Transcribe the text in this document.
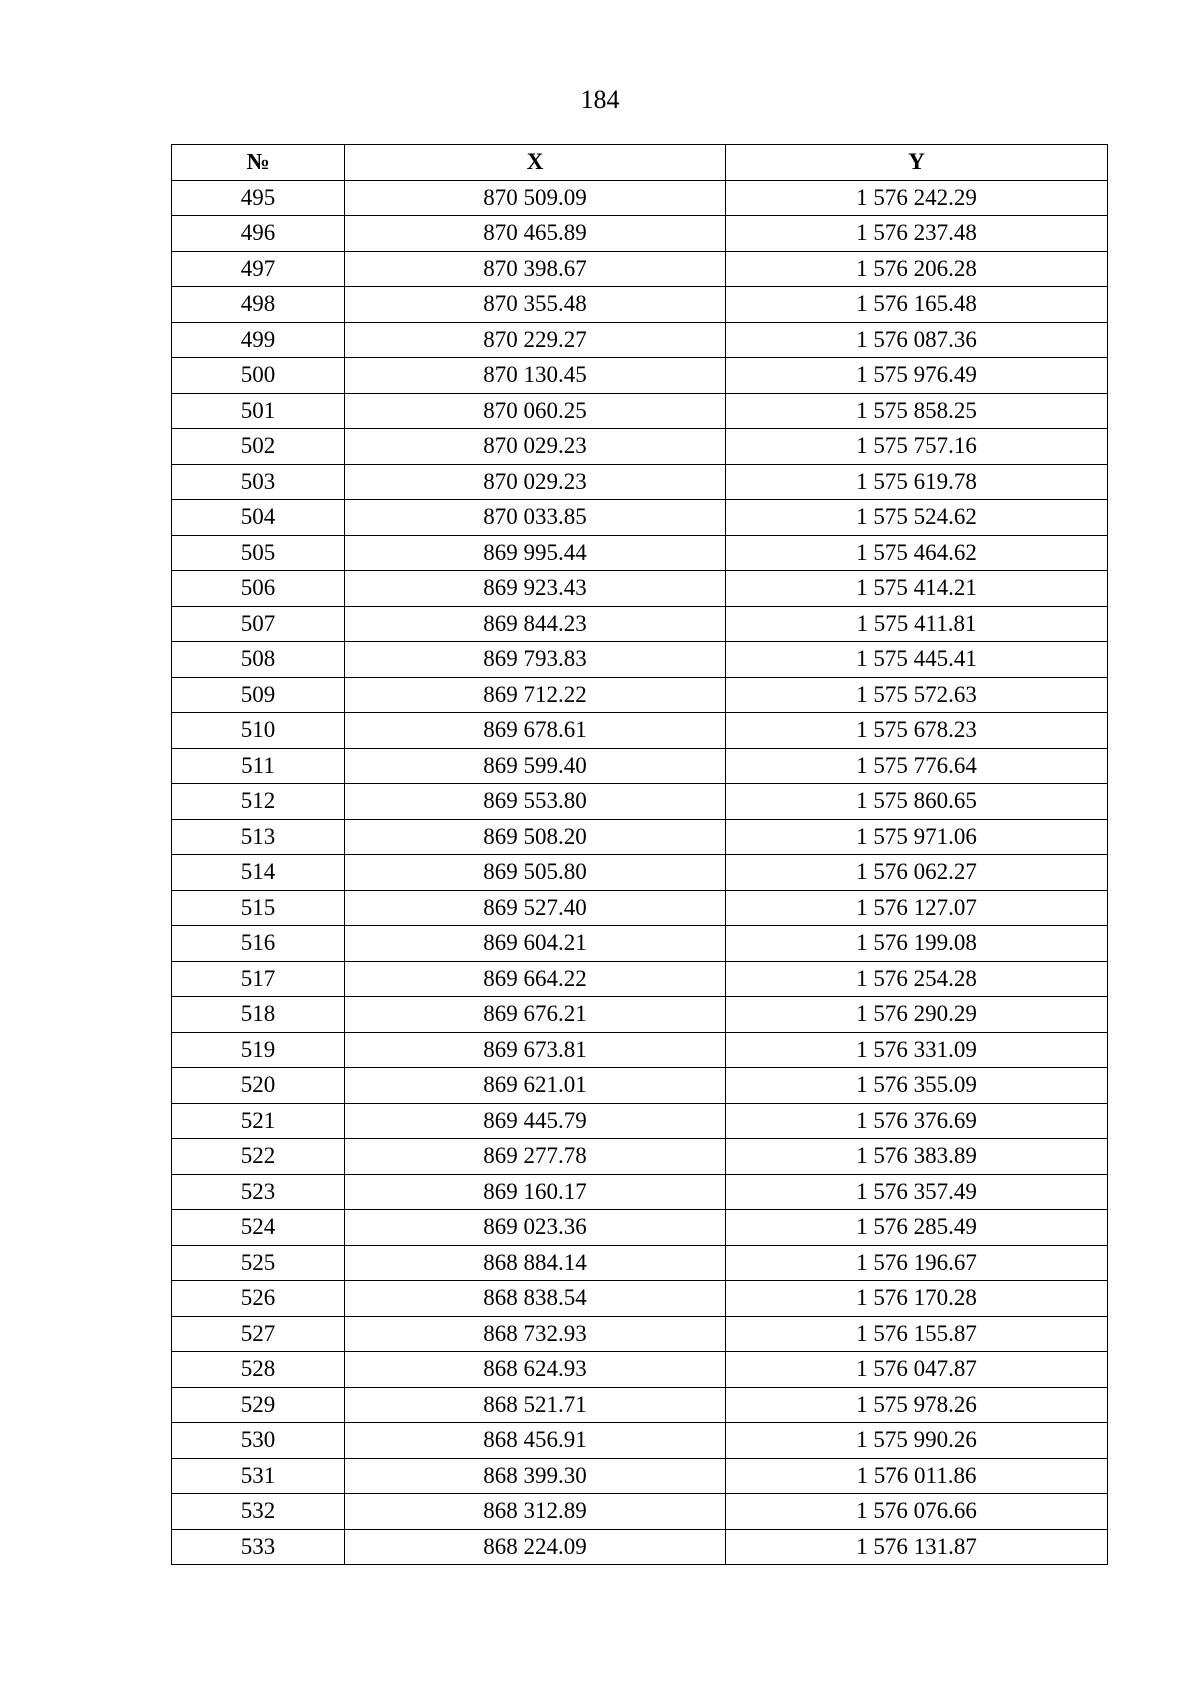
184
№	X	Y
495	870 509.09	1 576 242.29
496	870 465.89	1 576 237.48
497	870 398.67	1 576 206.28
498	870 355.48	1 576 165.48
499	870 229.27	1 576 087.36
500	870 130.45	1 575 976.49
501	870 060.25	1 575 858.25
502	870 029.23	1 575 757.16
503	870 029.23	1 575 619.78
504	870 033.85	1 575 524.62
505	869 995.44	1 575 464.62
506	869 923.43	1 575 414.21
507	869 844.23	1 575 411.81
508	869 793.83	1 575 445.41
509	869 712.22	1 575 572.63
510	869 678.61	1 575 678.23
511	869 599.40	1 575 776.64
512	869 553.80	1 575 860.65
513	869 508.20	1 575 971.06
514	869 505.80	1 576 062.27
515	869 527.40	1 576 127.07
516	869 604.21	1 576 199.08
517	869 664.22	1 576 254.28
518	869 676.21	1 576 290.29
519	869 673.81	1 576 331.09
520	869 621.01	1 576 355.09
521	869 445.79	1 576 376.69
522	869 277.78	1 576 383.89
523	869 160.17	1 576 357.49
524	869 023.36	1 576 285.49
525	868 884.14	1 576 196.67
526	868 838.54	1 576 170.28
527	868 732.93	1 576 155.87
528	868 624.93	1 576 047.87
529	868 521.71	1 575 978.26
530	868 456.91	1 575 990.26
531	868 399.30	1 576 011.86
532	868 312.89	1 576 076.66
533	868 224.09	1 576 131.87
